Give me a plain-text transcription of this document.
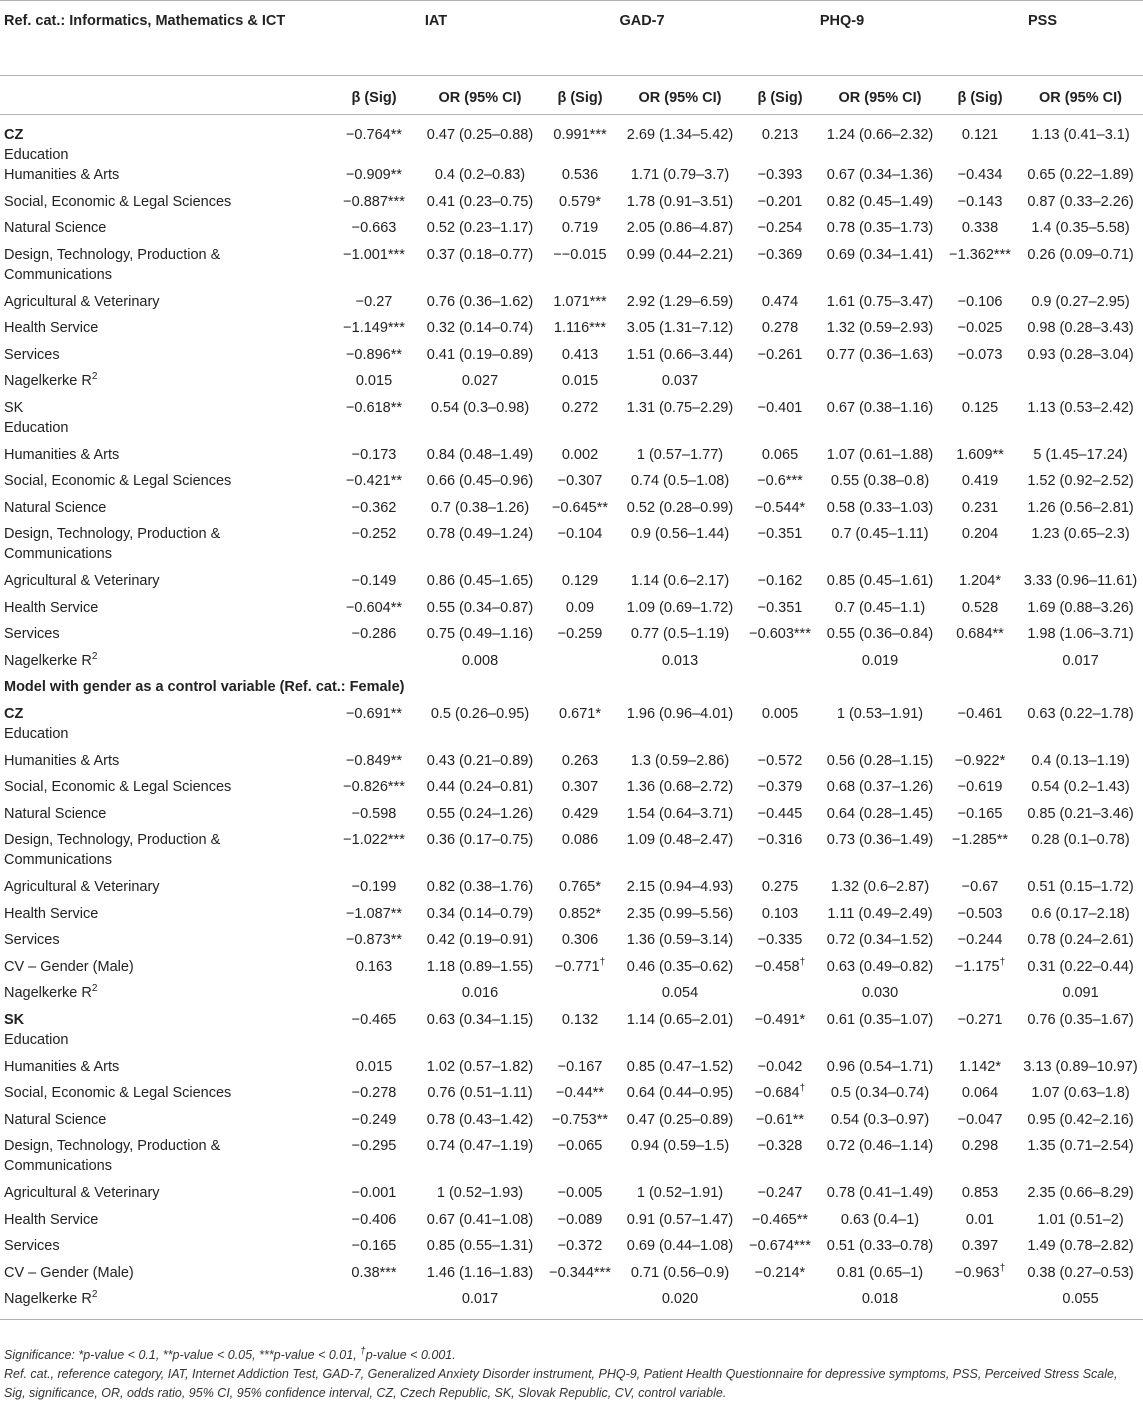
Ref. cat.: Informatics, Mathematics & ICT	IAT		GAD-7		PHQ-9		PSS	
	β (Sig)	OR (95% CI)	β (Sig)	OR (95% CI)	β (Sig)	OR (95% CI)	β (Sig)	OR (95% CI)
CZ
Education	−0.764**	0.47 (0.25–0.88)	0.991***	2.69 (1.34–5.42)	0.213	1.24 (0.66–2.32)	0.121	1.13 (0.41–3.1)
Humanities & Arts	−0.909**	0.4 (0.2–0.83)	0.536	1.71 (0.79–3.7)	−0.393	0.67 (0.34–1.36)	−0.434	0.65 (0.22–1.89)
Social, Economic & Legal Sciences	−0.887***	0.41 (0.23–0.75)	0.579*	1.78 (0.91–3.51)	−0.201	0.82 (0.45–1.49)	−0.143	0.87 (0.33–2.26)
Natural Science	−0.663	0.52 (0.23–1.17)	0.719	2.05 (0.86–4.87)	−0.254	0.78 (0.35–1.73)	0.338	1.4 (0.35–5.58)
Design, Technology, Production & Communications	−1.001***	0.37 (0.18–0.77)	−−0.015	0.99 (0.44–2.21)	−0.369	0.69 (0.34–1.41)	−1.362***	0.26 (0.09–0.71)
Agricultural & Veterinary	−0.27	0.76 (0.36–1.62)	1.071***	2.92 (1.29–6.59)	0.474	1.61 (0.75–3.47)	−0.106	0.9 (0.27–2.95)
Health Service	−1.149***	0.32 (0.14–0.74)	1.116***	3.05 (1.31–7.12)	0.278	1.32 (0.59–2.93)	−0.025	0.98 (0.28–3.43)
Services	−0.896**	0.41 (0.19–0.89)	0.413	1.51 (0.66–3.44)	−0.261	0.77 (0.36–1.63)	−0.073	0.93 (0.28–3.04)
Nagelkerke $R^2$	0.015	0.027	0.015	0.037				
SK
Education	−0.618**	0.54 (0.3–0.98)	0.272	1.31 (0.75–2.29)	−0.401	0.67 (0.38–1.16)	0.125	1.13 (0.53–2.42)
Humanities & Arts	−0.173	0.84 (0.48–1.49)	0.002	1 (0.57–1.77)	0.065	1.07 (0.61–1.88)	1.609**	5 (1.45–17.24)
Social, Economic & Legal Sciences	−0.421**	0.66 (0.45–0.96)	−0.307	0.74 (0.5–1.08)	−0.6***	0.55 (0.38–0.8)	0.419	1.52 (0.92–2.52)
Natural Science	−0.362	0.7 (0.38–1.26)	−0.645**	0.52 (0.28–0.99)	−0.544*	0.58 (0.33–1.03)	0.231	1.26 (0.56–2.81)
Design, Technology, Production & Communications	−0.252	0.78 (0.49–1.24)	−0.104	0.9 (0.56–1.44)	−0.351	0.7 (0.45–1.11)	0.204	1.23 (0.65–2.3)
Agricultural & Veterinary	−0.149	0.86 (0.45–1.65)	0.129	1.14 (0.6–2.17)	−0.162	0.85 (0.45–1.61)	1.204*	3.33 (0.96–11.61)
Health Service	−0.604**	0.55 (0.34–0.87)	0.09	1.09 (0.69–1.72)	−0.351	0.7 (0.45–1.1)	0.528	1.69 (0.88–3.26)
Services	−0.286	0.75 (0.49–1.16)	−0.259	0.77 (0.5–1.19)	−0.603***	0.55 (0.36–0.84)	0.684**	1.98 (1.06–3.71)
Nagelkerke $R^2$		0.008		0.013		0.019		0.017
Model with gender as a control variable (Ref. cat.: Female)								
CZ
Education	−0.691**	0.5 (0.26–0.95)	0.671*	1.96 (0.96–4.01)	0.005	1 (0.53–1.91)	−0.461	0.63 (0.22–1.78)
Humanities & Arts	−0.849**	0.43 (0.21–0.89)	0.263	1.3 (0.59–2.86)	−0.572	0.56 (0.28–1.15)	−0.922*	0.4 (0.13–1.19)
Social, Economic & Legal Sciences	−0.826***	0.44 (0.24–0.81)	0.307	1.36 (0.68–2.72)	−0.379	0.68 (0.37–1.26)	−0.619	0.54 (0.2–1.43)
Natural Science	−0.598	0.55 (0.24–1.26)	0.429	1.54 (0.64–3.71)	−0.445	0.64 (0.28–1.45)	−0.165	0.85 (0.21–3.46)
Design, Technology, Production & Communications	−1.022***	0.36 (0.17–0.75)	0.086	1.09 (0.48–2.47)	−0.316	0.73 (0.36–1.49)	−1.285**	0.28 (0.1–0.78)
Agricultural & Veterinary	−0.199	0.82 (0.38–1.76)	0.765*	2.15 (0.94–4.93)	0.275	1.32 (0.6–2.87)	−0.67	0.51 (0.15–1.72)
Health Service	−1.087**	0.34 (0.14–0.79)	0.852*	2.35 (0.99–5.56)	0.103	1.11 (0.49–2.49)	−0.503	0.6 (0.17–2.18)
Services	−0.873**	0.42 (0.19–0.91)	0.306	1.36 (0.59–3.14)	−0.335	0.72 (0.34–1.52)	−0.244	0.78 (0.24–2.61)
CV – Gender (Male)	0.163	1.18 (0.89–1.55)	−0.771†	0.46 (0.35–0.62)	−0.458†	0.63 (0.49–0.82)	−1.175†	0.31 (0.22–0.44)
Nagelkerke $R^2$		0.016		0.054		0.030		0.091
SK
Education	−0.465	0.63 (0.34–1.15)	0.132	1.14 (0.65–2.01)	−0.491*	0.61 (0.35–1.07)	−0.271	0.76 (0.35–1.67)
Humanities & Arts	0.015	1.02 (0.57–1.82)	−0.167	0.85 (0.47–1.52)	−0.042	0.96 (0.54–1.71)	1.142*	3.13 (0.89–10.97)
Social, Economic & Legal Sciences	−0.278	0.76 (0.51–1.11)	−0.44**	0.64 (0.44–0.95)	−0.684†	0.5 (0.34–0.74)	0.064	1.07 (0.63–1.8)
Natural Science	−0.249	0.78 (0.43–1.42)	−0.753**	0.47 (0.25–0.89)	−0.61**	0.54 (0.3–0.97)	−0.047	0.95 (0.42–2.16)
Design, Technology, Production & Communications	−0.295	0.74 (0.47–1.19)	−0.065	0.94 (0.59–1.5)	−0.328	0.72 (0.46–1.14)	0.298	1.35 (0.71–2.54)
Agricultural & Veterinary	−0.001	1 (0.52–1.93)	−0.005	1 (0.52–1.91)	−0.247	0.78 (0.41–1.49)	0.853	2.35 (0.66–8.29)
Health Service	−0.406	0.67 (0.41–1.08)	−0.089	0.91 (0.57–1.47)	−0.465**	0.63 (0.4–1)	0.01	1.01 (0.51–2)
Services	−0.165	0.85 (0.55–1.31)	−0.372	0.69 (0.44–1.08)	−0.674***	0.51 (0.33–0.78)	0.397	1.49 (0.78–2.82)
CV – Gender (Male)	0.38***	1.46 (1.16–1.83)	−0.344***	0.71 (0.56–0.9)	−0.214*	0.81 (0.65–1)	−0.963†	0.38 (0.27–0.53)
Nagelkerke $R^2$		0.017		0.020		0.018		0.055

Significance: *p-value < 0.1, **p-value < 0.05, ***p-value < 0.01, †p-value < 0.001.

Ref. cat., reference category, IAT, Internet Addiction Test, GAD-7, Generalized Anxiety Disorder instrument, PHQ-9, Patient Health Questionnaire for depressive symptoms, PSS, Perceived Stress Scale, Sig, significance, OR, odds ratio, 95% CI, 95% confidence interval, CZ, Czech Republic, SK, Slovak Republic, CV, control variable.
